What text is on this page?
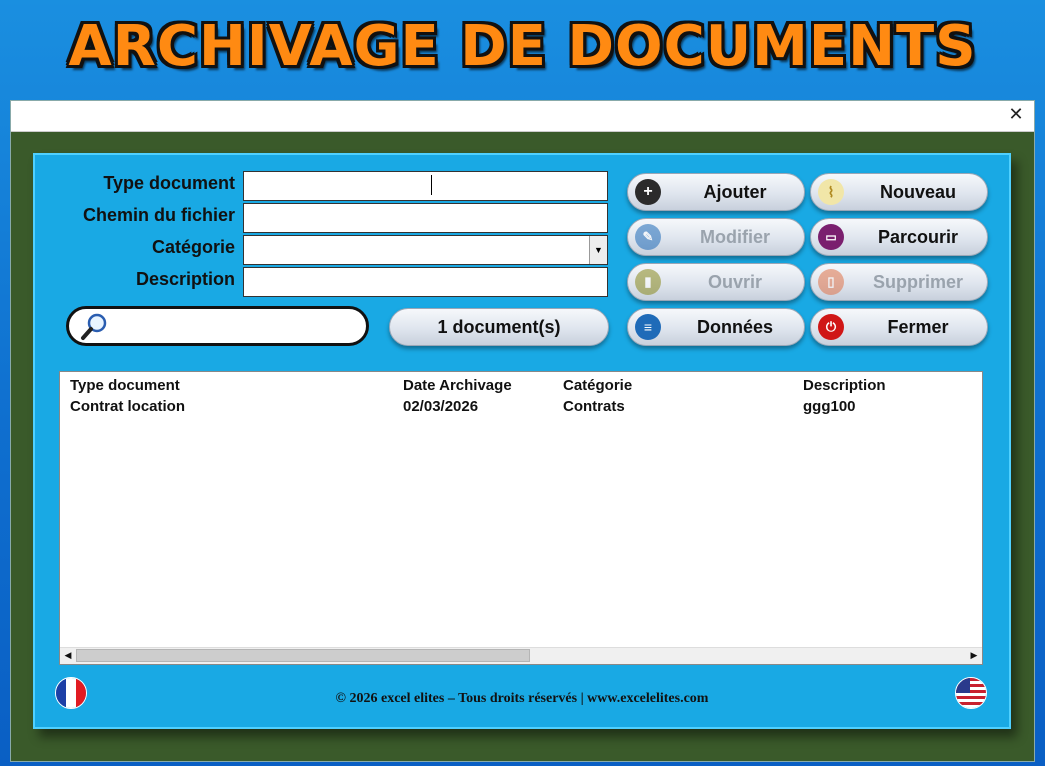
ARCHIVAGE DE DOCUMENTS
✕
Type document
Chemin du fichier
Catégorie
Description
▼
1 document(s)
+	Ajouter
✎	Modifier
▮	Ouvrir
≡	Données
⌇	Nouveau
▭	Parcourir
▯	Supprimer
⏻	Fermer
Type document	Date Archivage	Catégorie	Description
Contrat location	02/03/2026	Contrats	ggg100
◀	▶
© 2026 excel elites – Tous droits réservés | www.excelelites.com
